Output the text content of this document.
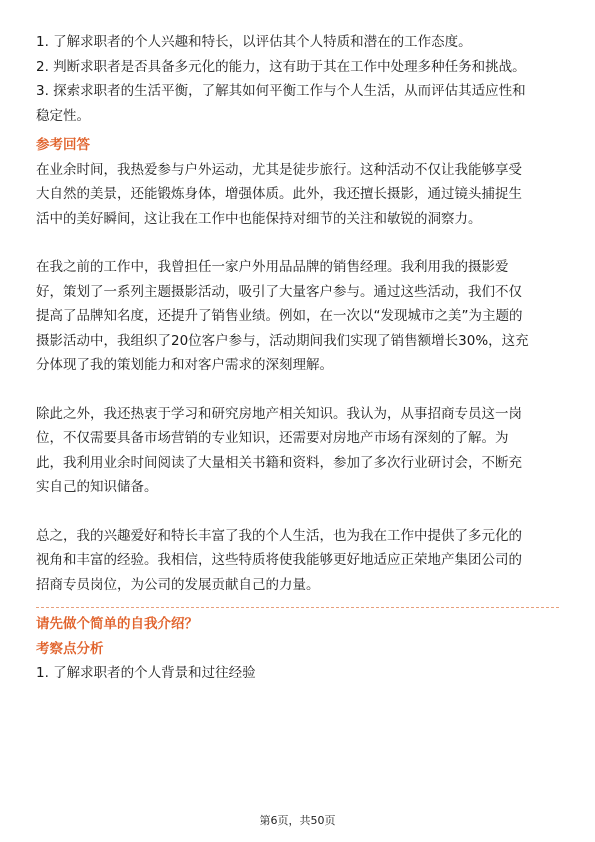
1. 了解求职者的个人兴趣和特长，以评估其个人特质和潜在的工作态度。

2. 判断求职者是否具备多元化的能力，这有助于其在工作中处理多种任务和挑战。

3. 探索求职者的生活平衡，了解其如何平衡工作与个人生活，从而评估其适应性和

稳定性。

参考回答

在业余时间，我热爱参与户外运动，尤其是徒步旅行。这种活动不仅让我能够享受

大自然的美景，还能锻炼身体，增强体质。此外，我还擅长摄影，通过镜头捕捉生

活中的美好瞬间，这让我在工作中也能保持对细节的关注和敏锐的洞察力。

在我之前的工作中，我曾担任一家户外用品品牌的销售经理。我利用我的摄影爱

好，策划了一系列主题摄影活动，吸引了大量客户参与。通过这些活动，我们不仅

提高了品牌知名度，还提升了销售业绩。例如，在一次以“发现城市之美”为主题的

摄影活动中，我组织了20位客户参与，活动期间我们实现了销售额增长30%，这充

分体现了我的策划能力和对客户需求的深刻理解。

除此之外，我还热衷于学习和研究房地产相关知识。我认为，从事招商专员这一岗

位，不仅需要具备市场营销的专业知识，还需要对房地产市场有深刻的了解。为

此，我利用业余时间阅读了大量相关书籍和资料，参加了多次行业研讨会，不断充

实自己的知识储备。

总之，我的兴趣爱好和特长丰富了我的个人生活，也为我在工作中提供了多元化的

视角和丰富的经验。我相信，这些特质将使我能够更好地适应正荣地产集团公司的

招商专员岗位，为公司的发展贡献自己的力量。

请先做个简单的自我介绍？

考察点分析

1. 了解求职者的个人背景和过往经验

第6页，共50页
